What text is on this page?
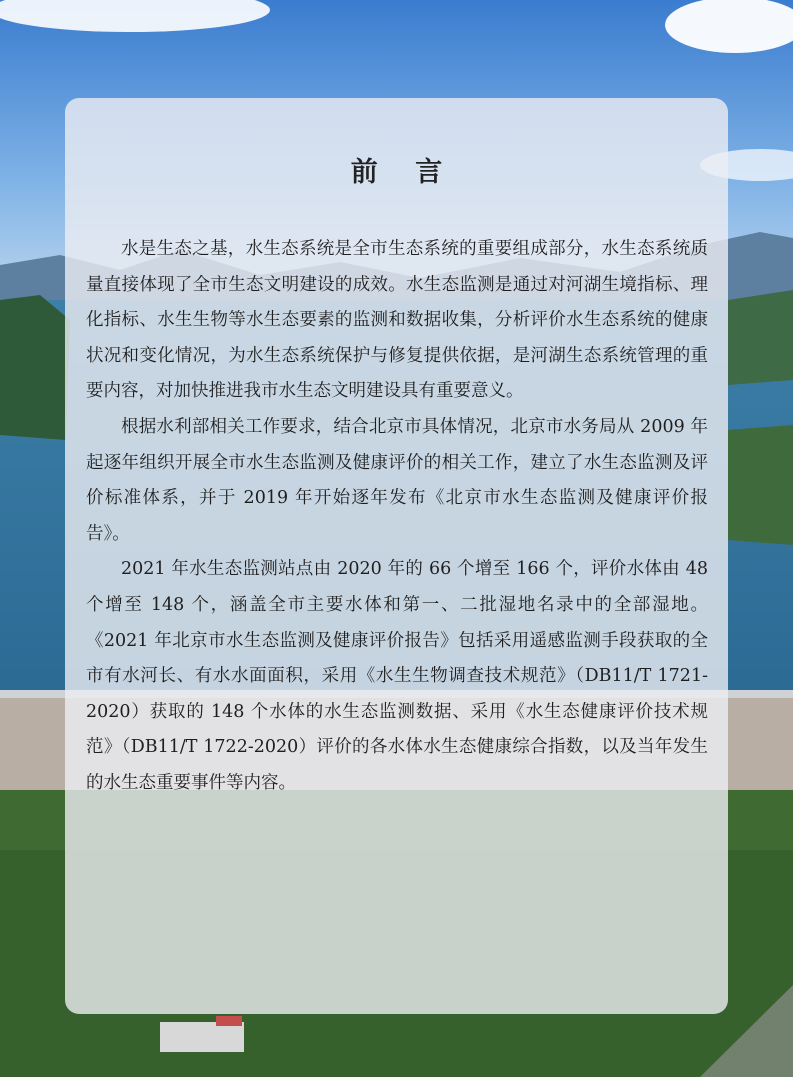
前 言

水是生态之基，水生态系统是全市生态系统的重要组成部分，水生态系统质量直接体现了全市生态文明建设的成效。水生态监测是通过对河湖生境指标、理化指标、水生生物等水生态要素的监测和数据收集，分析评价水生态系统的健康状况和变化情况，为水生态系统保护与修复提供依据，是河湖生态系统管理的重要内容，对加快推进我市水生态文明建设具有重要意义。

根据水利部相关工作要求，结合北京市具体情况，北京市水务局从 2009 年起逐年组织开展全市水生态监测及健康评价的相关工作，建立了水生态监测及评价标准体系，并于 2019 年开始逐年发布《北京市水生态监测及健康评价报告》。

2021 年水生态监测站点由 2020 年的 66 个增至 166 个，评价水体由 48 个增至 148 个，涵盖全市主要水体和第一、二批湿地名录中的全部湿地。《2021 年北京市水生态监测及健康评价报告》包括采用遥感监测手段获取的全市有水河长、有水水面面积，采用《水生生物调查技术规范》（DB11/T 1721-2020）获取的 148 个水体的水生态监测数据、采用《水生态健康评价技术规范》（DB11/T 1722-2020）评价的各水体水生态健康综合指数，以及当年发生的水生态重要事件等内容。
